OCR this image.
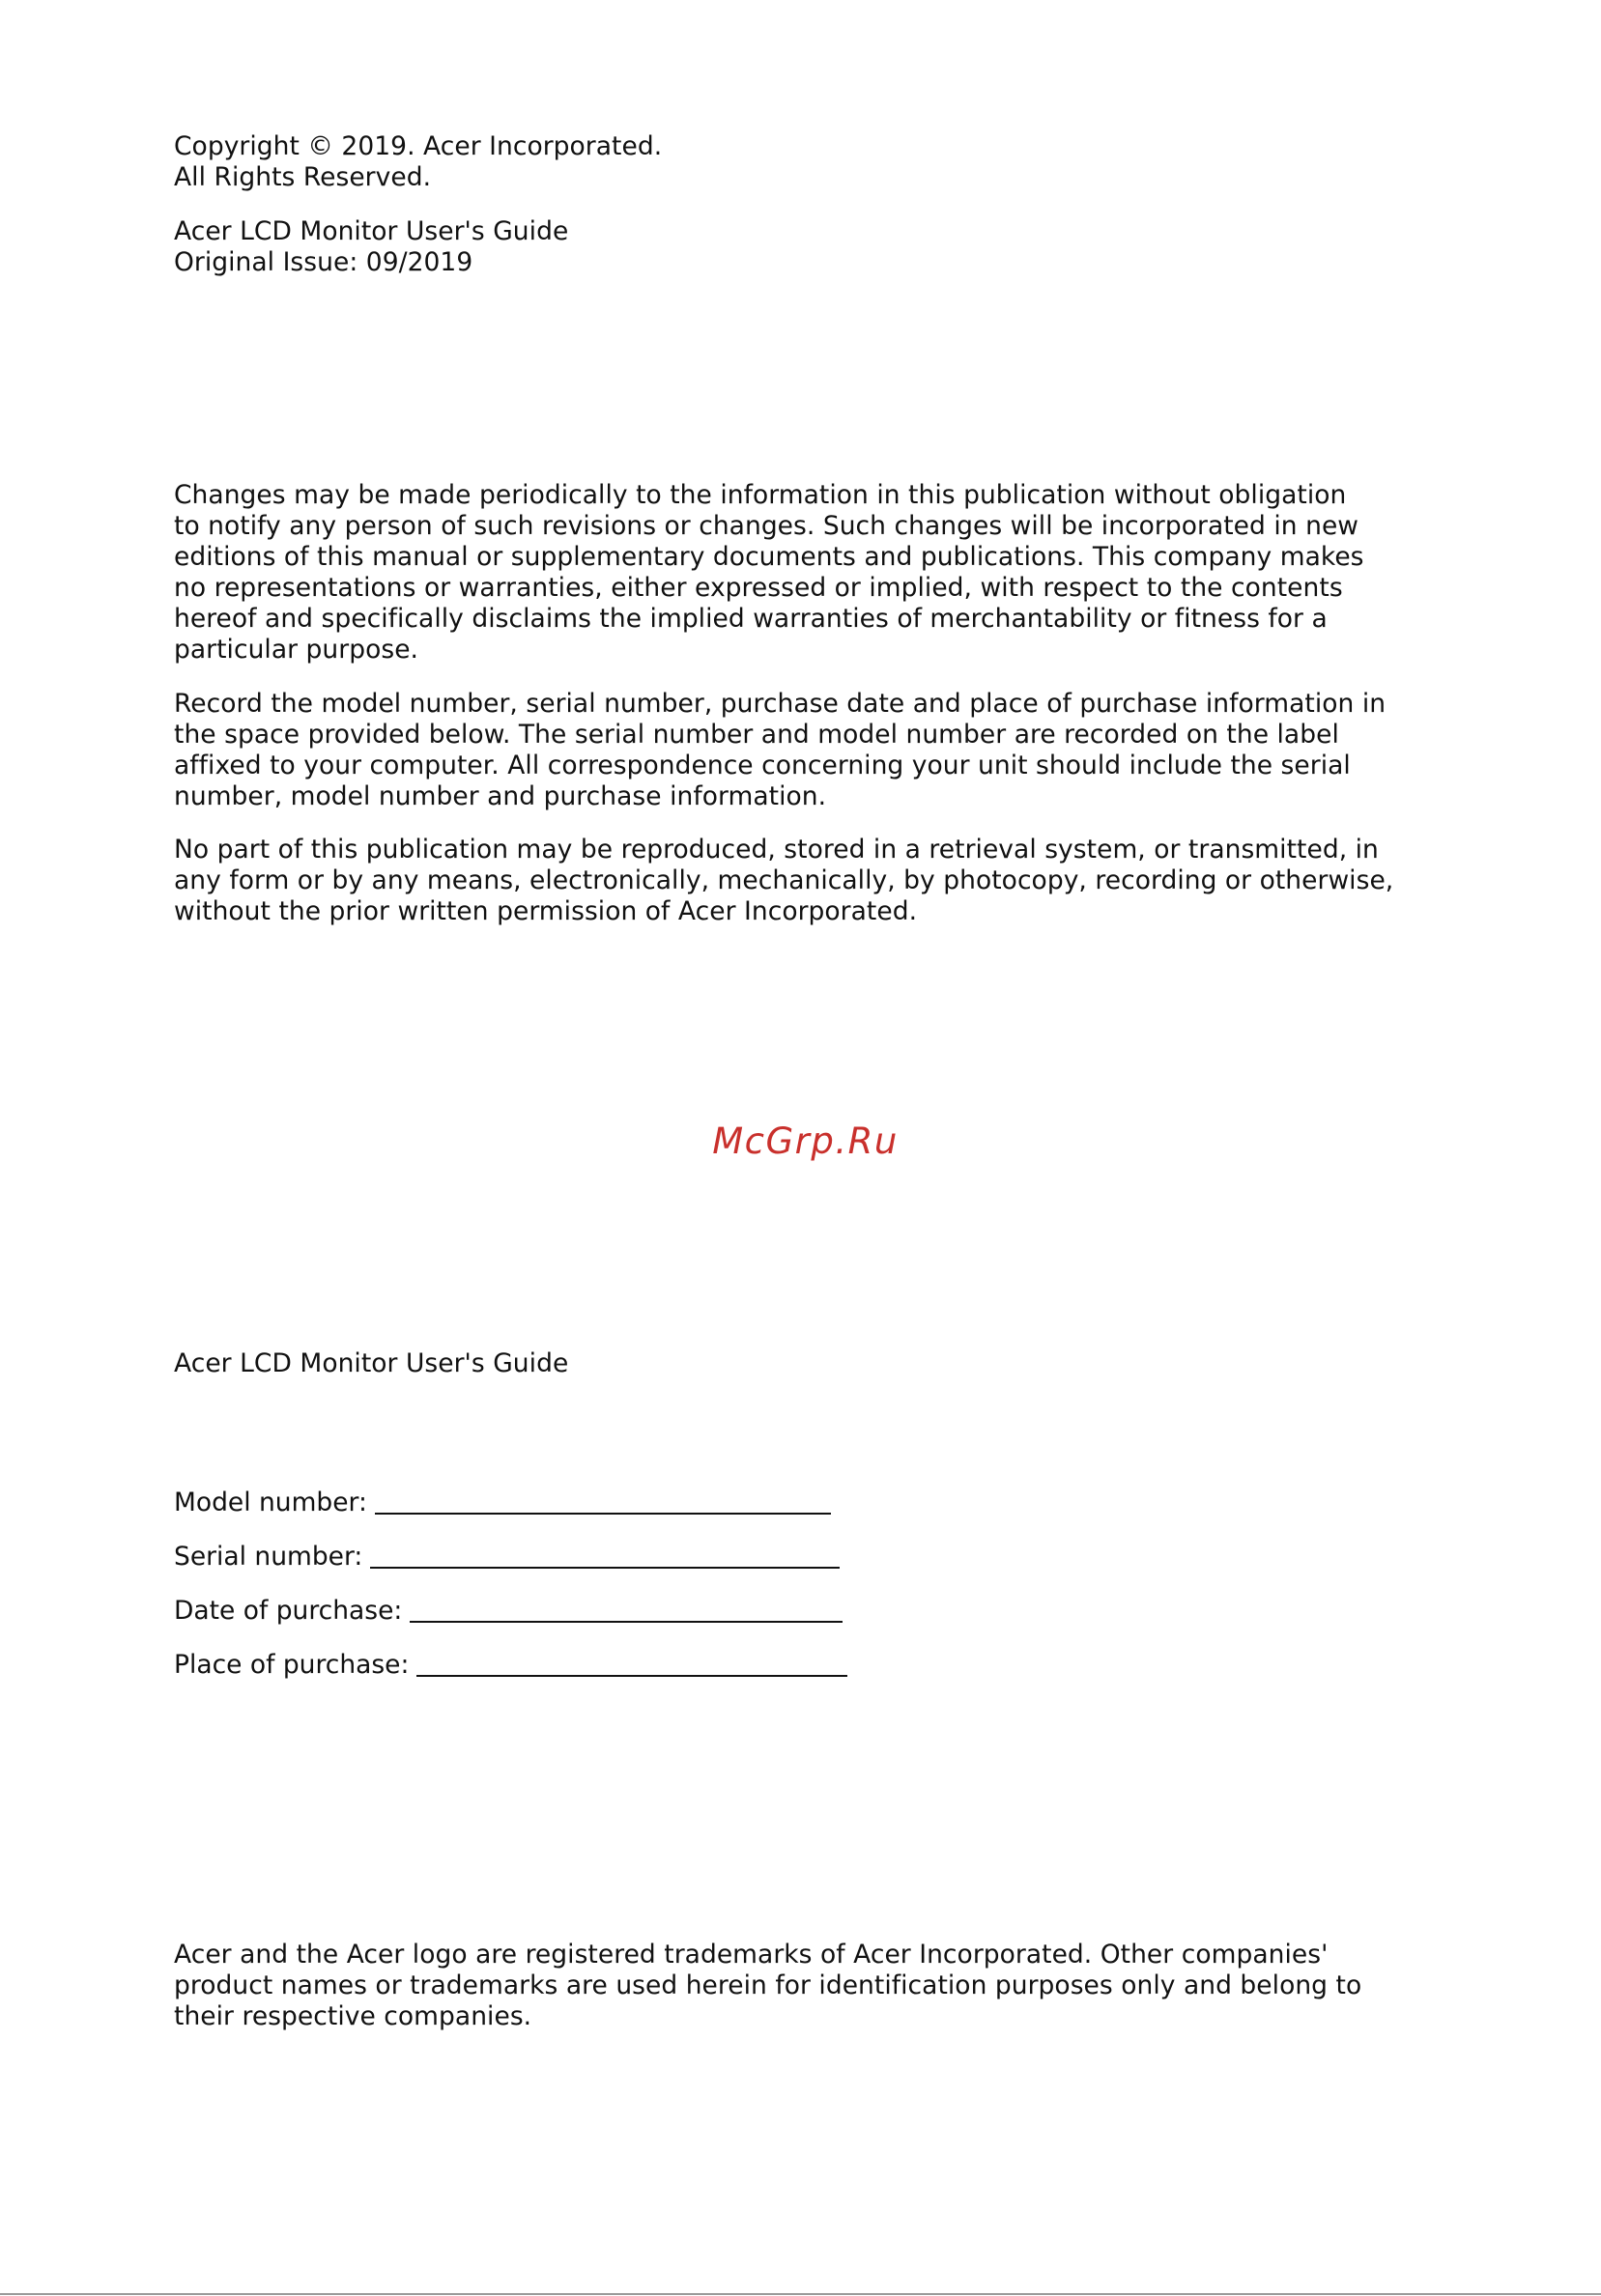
Copyright © 2019. Acer Incorporated.
All Rights Reserved.
Acer LCD Monitor User's Guide
Original Issue: 09/2019
Changes may be made periodically to the information in this publication without obligation
to notify any person of such revisions or changes. Such changes will be incorporated in new
editions of this manual or supplementary documents and publications. This company makes
no representations or warranties, either expressed or implied, with respect to the contents
hereof and specifically disclaims the implied warranties of merchantability or fitness for a
particular purpose.
Record the model number, serial number, purchase date and place of purchase information in
the space provided below. The serial number and model number are recorded on the label
affixed to your computer. All correspondence concerning your unit should include the serial
number, model number and purchase information.
No part of this publication may be reproduced, stored in a retrieval system, or transmitted, in
any form or by any means, electronically, mechanically, by photocopy, recording or otherwise,
without the prior written permission of Acer Incorporated.
McGrp.Ru
Acer LCD Monitor User's Guide
Model number:
Serial number:
Date of purchase:
Place of purchase:
Acer and the Acer logo are registered trademarks of Acer Incorporated. Other companies'
product names or trademarks are used herein for identification purposes only and belong to
their respective companies.
